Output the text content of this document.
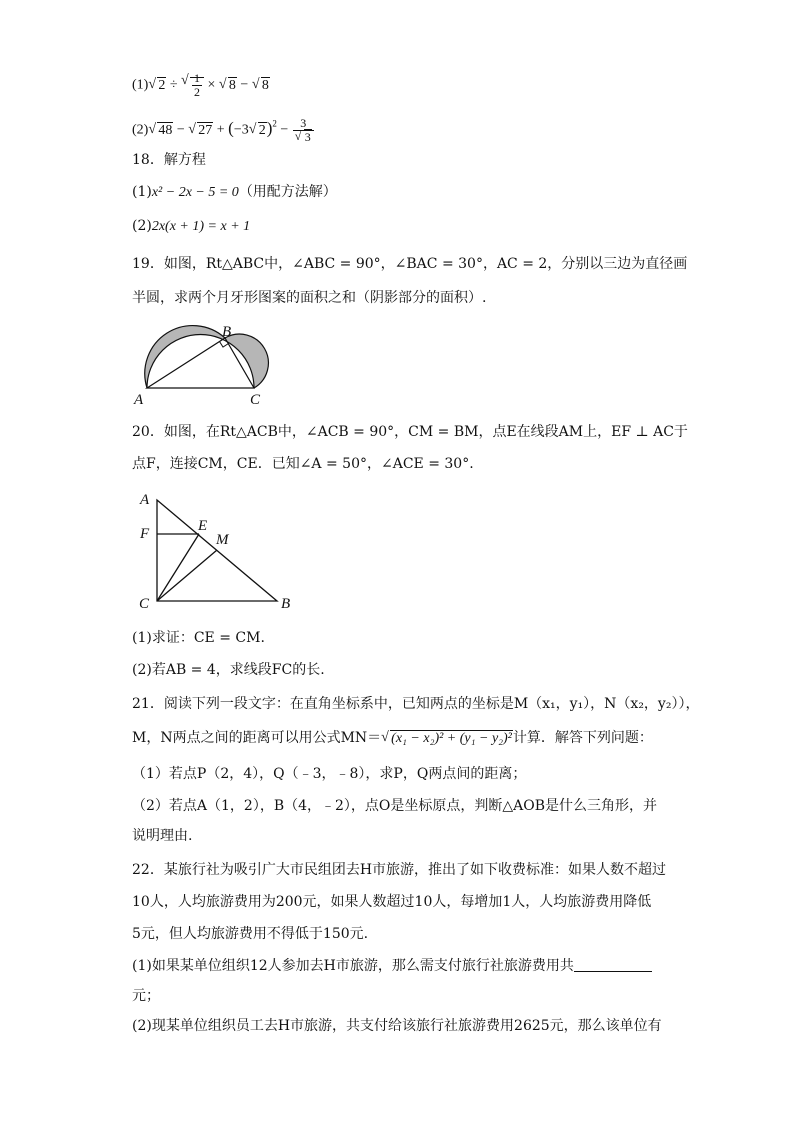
(1) √ 2 ÷ √ $\frac{1}{2}$ × √ 8 − √ 8
(2) √ 48 − √ 27 + (−3 √ 2)$^2$ − 3
√ 3
18．解方程
(1)x² − 2x − 5 = 0（用配方法解）
(2)2x(x + 1) = x + 1
19．如图，Rt△ABC中，∠ABC = 90°，∠BAC = 30°，AC = 2，分别以三边为直径画
半圆，求两个月牙形图案的面积之和（阴影部分的面积）.
A
B
C
20．如图，在Rt△ACB中，∠ACB = 90°，CM = BM，点E在线段AM上，EF ⊥ AC于
点F，连接CM，CE．已知∠A = 50°，∠ACE = 30°.
A
F	E
M
C	B
(1)求证：CE = CM.
(2)若AB = 4，求线段FC的长.
21．阅读下列一段文字：在直角坐标系中，已知两点的坐标是M（x₁，y₁），N（x₂，y₂）），
M，N两点之间的距离可以用公式MN＝ √ (x₁ − x₂)² + (y₁ − y₂)²计算．解答下列问题：
（1）若点P（2，4），Q（﹣3，﹣8），求P，Q两点间的距离；
（2）若点A（1，2），B（4，﹣2），点O是坐标原点，判断△AOB是什么三角形，并
说明理由.
22．某旅行社为吸引广大市民组团去H市旅游，推出了如下收费标准：如果人数不超过
10人，人均旅游费用为200元，如果人数超过10人，每增加1人，人均旅游费用降低
5元，但人均旅游费用不得低于150元.
(1)如果某单位组织12人参加去H市旅游，那么需支付旅行社旅游费用共
元；
(2)现某单位组织员工去H市旅游，共支付给该旅行社旅游费用2625元，那么该单位有
